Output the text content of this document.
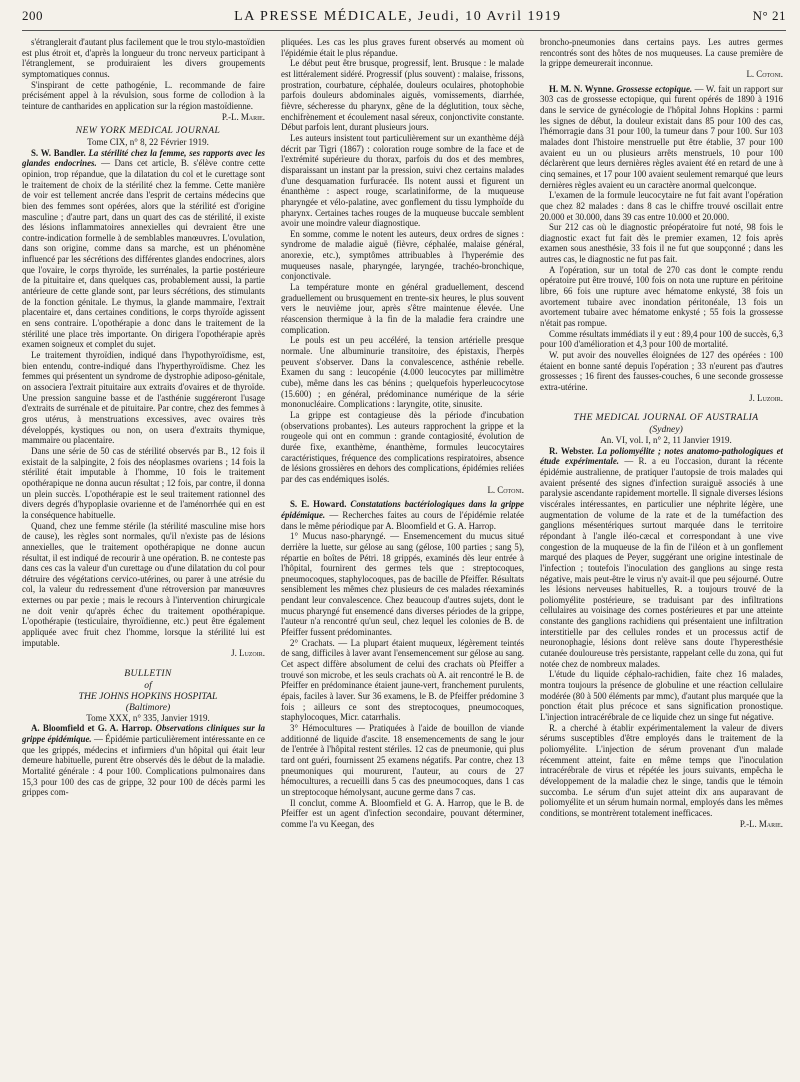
200	LA PRESSE MÉDICALE, Jeudi, 10 Avril 1919	N° 21

s'étranglerait d'autant plus facilement que le trou stylo-mastoïdien est plus étroit et, d'après la longueur du tronc nerveux participant à l'étranglement, se produiraient les divers groupements symptomatiques connus.

S'inspirant de cette pathogénie, L. recommande de faire précisément appel à la révulsion, sous forme de collodion à la teinture de cantharides en application sur la région mastoïdienne.

P.-L. Marie.

NEW YORK MEDICAL JOURNAL

Tome CIX, n° 8, 22 Février 1919.

S. W. Bandler. La stérilité chez la femme, ses rapports avec les glandes endocrines. — Dans cet article, B. s'élève contre cette opinion, trop répandue, que la dilatation du col et le curettage sont le traitement de choix de la stérilité chez la femme. Cette manière de voir est tellement ancrée dans l'esprit de certains médecins que bien des femmes sont opérées, alors que la stérilité est d'origine masculine ; d'autre part, dans un quart des cas de stérilité, il existe des lésions inflammatoires annexielles qui devraient être une contre-indication formelle à de semblables manœuvres. L'ovulation, dans son origine, comme dans sa marche, est un phénomène influencé par les sécrétions des différentes glandes endocrines, alors que l'ovaire, le corps thyroïde, les surrénales, la partie postérieure de la pituitaire et, dans quelques cas, probablement aussi, la partie antérieure de cette glande sont, par leurs sécrétions, des stimulants de la fonction génitale. Le thymus, la glande mammaire, l'extrait placentaire et, dans certaines conditions, le corps thyroïde agissent en sens contraire. L'opothérapie a donc dans le traitement de la stérilité une place très importante. On dirigera l'opothérapie après examen soigneux et complet du sujet.

Le traitement thyroïdien, indiqué dans l'hypothyroïdisme, est, bien entendu, contre-indiqué dans l'hyperthyroïdisme. Chez les femmes qui présentent un syndrome de dystrophie adiposo-génitale, on associera l'extrait pituitaire aux extraits d'ovaires et de thyroïde. Une pression sanguine basse et de l'asthénie suggéreront l'usage d'extraits de surrénale et de pituitaire. Par contre, chez des femmes à gros utérus, à menstruations excessives, avec ovaires très développés, kystiques ou non, on usera d'extraits thymique, mammaire ou placentaire.

Dans une série de 50 cas de stérilité observés par B., 12 fois il existait de la salpingite, 2 fois des néoplasmes ovariens ; 14 fois la stérilité était imputable à l'homme, 10 fois le traitement opothérapique ne donna aucun résultat ; 12 fois, par contre, il donna un plein succès. L'opothérapie est le seul traitement rationnel des divers degrés d'hypoplasie ovarienne et de l'aménorrhée qui en est la conséquence habituelle.

Quand, chez une femme stérile (la stérilité masculine mise hors de cause), les règles sont normales, qu'il n'existe pas de lésions annexielles, que le traitement opothérapique ne donne aucun résultat, il est indiqué de recourir à une opération. B. ne conteste pas dans ces cas la valeur d'un curettage ou d'une dilatation du col pour détruire des végétations cervico-utérines, ou parer à une atrésie du col, la valeur du redressement d'une rétroversion par manœuvres externes ou par pexie ; mais le recours à l'intervention chirurgicale ne doit venir qu'après échec du traitement opothérapique. L'opothérapie (testiculaire, thyroïdienne, etc.) peut être également appliquée avec fruit chez l'homme, lorsque la stérilité lui est imputable.

J. Luzoir.

BULLETIN

of

THE JOHNS HOPKINS HOSPITAL

(Baltimore)

Tome XXX, n° 335, Janvier 1919.

A. Bloomfield et G. A. Harrop. Observations cliniques sur la grippe épidémique. — Épidémie particulièrement intéressante en ce que les grippés, médecins et infirmiers d'un hôpital qui était leur demeure habituelle, purent être observés dès le début de la maladie. Mortalité générale : 4 pour 100. Complications pulmonaires dans 15,3 pour 100 des cas de grippe, 32 pour 100 de décès parmi les grippes com-

pliquées. Les cas les plus graves furent observés au moment où l'épidémie était le plus répandue.

Le début peut être brusque, progressif, lent. Brusque : le malade est littéralement sidéré. Progressif (plus souvent) : malaise, frissons, prostration, courbature, céphalée, douleurs oculaires, photophobie parfois douleurs abdominales aiguës, vomissements, diarrhée, fièvre, sécheresse du pharynx, gêne de la déglutition, toux sèche, enchifrènement et écoulement nasal séreux, conjonctivite constante. Début parfois lent, durant plusieurs jours.

Les auteurs insistent tout particulièrement sur un exanthème déjà décrit par Tigri (1867) : coloration rouge sombre de la face et de l'extrémité supérieure du thorax, parfois du dos et des membres, disparaissant un instant par la pression, suivi chez certains malades d'une desquamation furfuracée. Ils notent aussi et figurent un énanthème : aspect rouge, scarlatiniforme, de la muqueuse pharyngée et vélo-palatine, avec gonflement du tissu lymphoïde du pharynx. Certaines taches rouges de la muqueuse buccale semblent avoir une moindre valeur diagnostique.

En somme, comme le notent les auteurs, deux ordres de signes : syndrome de maladie aiguë (fièvre, céphalée, malaise général, anorexie, etc.), symptômes attribuables à l'hyperémie des muqueuses nasale, pharyngée, laryngée, trachéo-bronchique, conjonctivale.

La température monte en général graduellement, descend graduellement ou brusquement en trente-six heures, le plus souvent vers le neuvième jour, après s'être maintenue élevée. Une réascension thermique à la fin de la maladie fera craindre une complication.

Le pouls est un peu accéléré, la tension artérielle presque normale. Une albuminurie transitoire, des épistaxis, l'herpès peuvent s'observer. Dans la convalescence, asthénie rebelle. Examen du sang : leucopénie (4.000 leucocytes par millimètre cube), même dans les cas bénins ; quelquefois hyperleucocytose (15.600) ; en général, prédominance numérique de la série mononucléaire. Complications : laryngite, otite, sinusite.

La grippe est contagieuse dès la période d'incubation (observations probantes). Les auteurs rapprochent la grippe et la rougeole qui ont en commun : grande contagiosité, évolution de durée fixe, exanthème, énanthème, formules leucocytaires caractéristiques, fréquence des complications respiratoires, absence de lésions grossières en dehors des complications, épidémies reliées par des cas endémiques isolés.

L. Cotoni.

S. E. Howard. Constatations bactériologiques dans la grippe épidémique. — Recherches faites au cours de l'épidémie relatée dans le même périodique par A. Bloomfield et G. A. Harrop.

1° Mucus naso-pharyngé. — Ensemencement du mucus situé derrière la luette, sur gélose au sang (gélose, 100 parties ; sang 5), répartie en boîtes de Pétri. 18 grippés, examinés dès leur entrée à l'hôpital, fournirent des germes tels que : streptocoques, pneumocoques, staphylocoques, pas de bacille de Pfeiffer. Résultats sensiblement les mêmes chez plusieurs de ces malades réexaminés pendant leur convalescence. Chez beaucoup d'autres sujets, dont le mucus pharyngé fut ensemencé dans diverses périodes de la grippe, l'auteur n'a rencontré qu'un seul, chez lequel les colonies de B. de Pfeiffer fussent prédominantes.

2° Crachats. — La plupart étaient muqueux, légèrement teintés de sang, difficiles à laver avant l'ensemencement sur gélose au sang. Cet aspect diffère absolument de celui des crachats où Pfeiffer a trouvé son microbe, et les seuls crachats où A. ait rencontré le B. de Pfeiffer en prédominance étaient jaune-vert, franchement purulents, épais, faciles à laver. Sur 36 examens, le B. de Pfeiffer prédomine 3 fois ; ailleurs ce sont des streptocoques, pneumocoques, staphylocoques, Micr. catarrhalis.

3° Hémocultures — Pratiquées à l'aide de bouillon de viande additionné de liquide d'ascite. 18 ensemencements de sang le jour de l'entrée à l'hôpital restent stériles. 12 cas de pneumonie, qui plus tard ont guéri, fournissent 25 examens négatifs. Par contre, chez 13 pneumoniques qui moururent, l'auteur, au cours de 27 hémocultures, a recueilli dans 5 cas des pneumocoques, dans 1 cas un streptocoque hémolysant, aucune germe dans 7 cas.

Il conclut, comme A. Bloomfield et G. A. Harrop, que le B. de Pfeiffer est un agent d'infection secondaire, pouvant déterminer, comme l'a vu Keegan, des

broncho-pneumonies dans certains pays. Les autres germes rencontrés sont des hôtes de nos muqueuses. La cause première de la grippe demeurerait inconnue.

L. Cotoni.

H. M. N. Wynne. Grossesse ectopique. — W. fait un rapport sur 303 cas de grossesse ectopique, qui furent opérés de 1890 à 1916 dans le service de gynécologie de l'hôpital Johns Hopkins : parmi les signes de début, la douleur existait dans 85 pour 100 des cas, l'hémorragie dans 31 pour 100, la tumeur dans 7 pour 100. Sur 103 malades dont l'histoire menstruelle put être établie, 37 pour 100 avaient eu un ou plusieurs arrêts menstruels, 10 pour 100 déclarèrent que leurs dernières règles avaient été en retard de une à cinq semaines, et 17 pour 100 avaient seulement remarqué que leurs dernières règles avaient eu un caractère anormal quelconque.

L'examen de la formule leucocytaire ne fut fait avant l'opération que chez 82 malades : dans 8 cas le chiffre trouvé oscillait entre 20.000 et 30.000, dans 39 cas entre 10.000 et 20.000.

Sur 212 cas où le diagnostic préopératoire fut noté, 98 fois le diagnostic exact fut fait dès le premier examen, 12 fois après examen sous anesthésie, 33 fois il ne fut que soupçonné ; dans les autres cas, le diagnostic ne fut pas fait.

A l'opération, sur un total de 270 cas dont le compte rendu opératoire put être trouvé, 100 fois on nota une rupture en péritoine libre, 66 fois une rupture avec hématome enkysté, 38 fois un avortement tubaire avec inondation péritonéale, 13 fois un avortement tubaire avec hématome enkysté ; 55 fois la grossesse n'était pas rompue.

Comme résultats immédiats il y eut : 89,4 pour 100 de succès, 6,3 pour 100 d'amélioration et 4,3 pour 100 de mortalité.

W. put avoir des nouvelles éloignées de 127 des opérées : 100 étaient en bonne santé depuis l'opération ; 33 n'eurent pas d'autres grossesses ; 16 firent des fausses-couches, 6 une seconde grossesse extra-utérine.

J. Luzoir.

THE MEDICAL JOURNAL OF AUSTRALIA

(Sydney)

An. VI, vol. I, n° 2, 11 Janvier 1919.

R. Webster. La poliomyélite ; notes anatomo-pathologiques et étude expérimentale. — R. a eu l'occasion, durant la récente épidémie australienne, de pratiquer l'autopsie de trois malades qui avaient présenté des signes d'infection suraiguë associés à une paralysie ascendante rapidement mortelle. Il signale diverses lésions viscérales intéressantes, en particulier une néphrite légère, une augmentation de volume de la rate et de la tuméfaction des ganglions mésentériques surtout marquée dans le territoire répondant à l'angle iléo-cæcal et correspondant à une vive congestion de la muqueuse de la fin de l'iléon et à un gonflement marqué des plaques de Peyer, suggérant une origine intestinale de l'infection ; toutefois l'inoculation des ganglions au singe resta négative, mais peut-être le virus n'y avait-il que peu séjourné. Outre les lésions nerveuses habituelles, R. a toujours trouvé de la poliomyélite postérieure, se traduisant par des infiltrations cellulaires au voisinage des cornes postérieures et par une atteinte constante des ganglions rachidiens qui présentaient une infiltration interstitielle par des cellules rondes et un processus actif de neuronophagie, lésions dont relève sans doute l'hyperesthésie cutanée douloureuse très persistante, rappelant celle du zona, qui fut notée chez de nombreux malades.

L'étude du liquide céphalo-rachidien, faite chez 16 malades, montra toujours la présence de globuline et une réaction cellulaire modérée (80 à 500 éléments par mmc), d'autant plus marquée que la ponction était plus précoce et sans signification pronostique. L'injection intracérébrale de ce liquide chez un singe fut négative.

R. a cherché à établir expérimentalement la valeur de divers sérums susceptibles d'être employés dans le traitement de la poliomyélite. L'injection de sérum provenant d'un malade récemment atteint, faite en même temps que l'inoculation intracérébrale de virus et répétée les jours suivants, empêcha le développement de la maladie chez le singe, tandis que le témoin succomba. Le sérum d'un sujet atteint dix ans auparavant de poliomyélite et un sérum humain normal, employés dans les mêmes conditions, se montrèrent totalement inefficaces.

P.-L. Marie.
